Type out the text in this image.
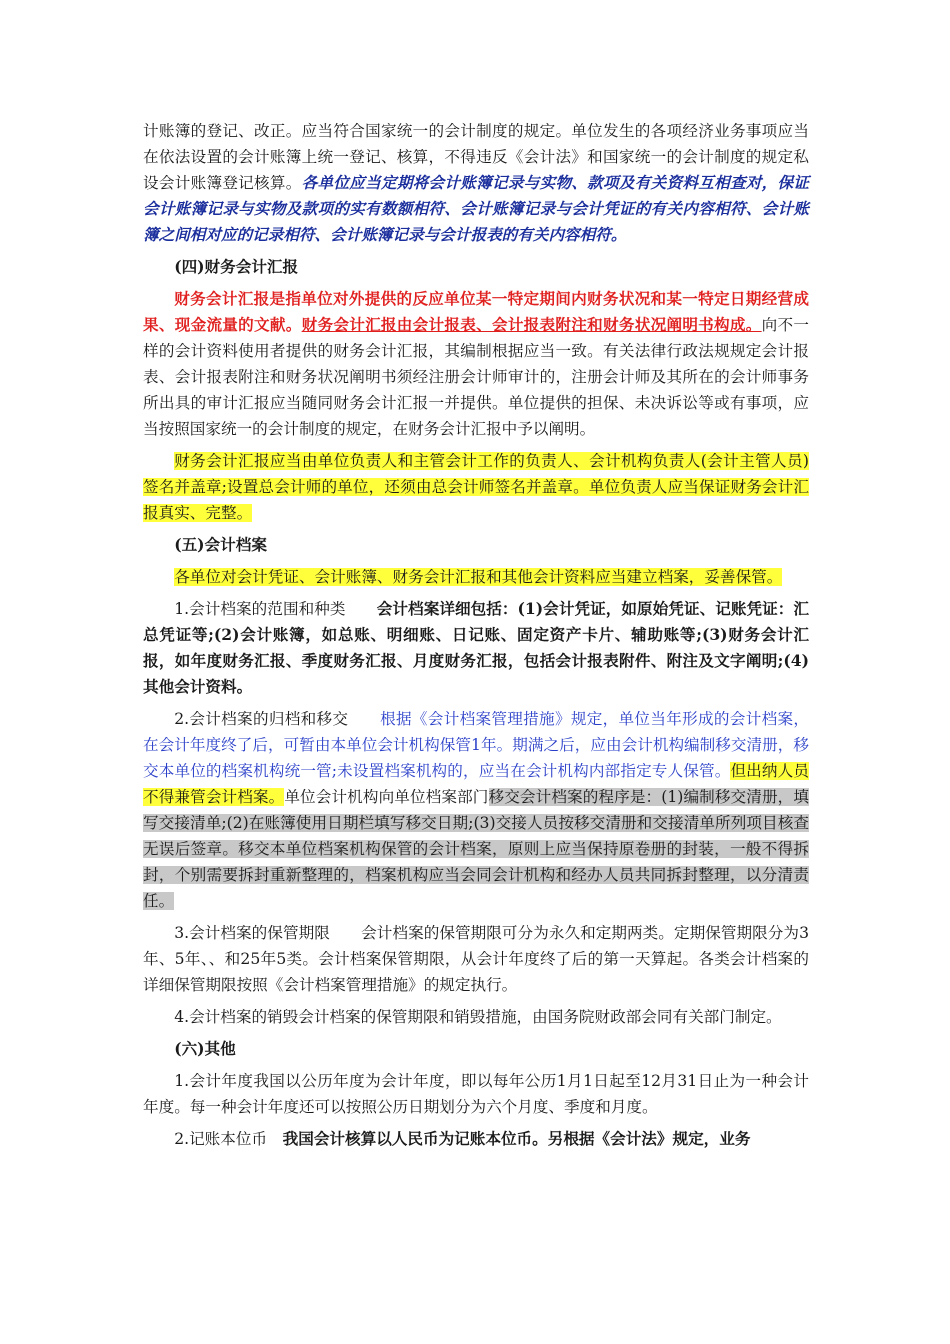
计账簿的登记、改正。应当符合国家统一的会计制度的规定。单位发生的各项经济业务事项应当在依法设置的会计账簿上统一登记、核算，不得违反《会计法》和国家统一的会计制度的规定私设会计账簿登记核算。各单位应当定期将会计账簿记录与实物、款项及有关资料互相查对，保证会计账簿记录与实物及款项的实有数额相符、会计账簿记录与会计凭证的有关内容相符、会计账簿之间相对应的记录相符、会计账簿记录与会计报表的有关内容相符。

(四)财务会计汇报

财务会计汇报是指单位对外提供的反应单位某一特定期间内财务状况和某一特定日期经营成果、现金流量的文献。财务会计汇报由会计报表、会计报表附注和财务状况阐明书构成。向不一样的会计资料使用者提供的财务会计汇报，其编制根据应当一致。有关法律行政法规规定会计报表、会计报表附注和财务状况阐明书须经注册会计师审计的，注册会计师及其所在的会计师事务所出具的审计汇报应当随同财务会计汇报一并提供。单位提供的担保、未决诉讼等或有事项，应当按照国家统一的会计制度的规定，在财务会计汇报中予以阐明。

财务会计汇报应当由单位负责人和主管会计工作的负责人、会计机构负责人(会计主管人员)签名并盖章;设置总会计师的单位，还须由总会计师签名并盖章。单位负责人应当保证财务会计汇报真实、完整。

(五)会计档案

各单位对会计凭证、会计账簿、财务会计汇报和其他会计资料应当建立档案，妥善保管。

1.会计档案的范围和种类　　会计档案详细包括：(1)会计凭证，如原始凭证、记账凭证：汇总凭证等;(2)会计账簿，如总账、明细账、日记账、固定资产卡片、辅助账等;(3)财务会计汇报，如年度财务汇报、季度财务汇报、月度财务汇报，包括会计报表附件、附注及文字阐明;(4)其他会计资料。

2.会计档案的归档和移交　　根据《会计档案管理措施》规定，单位当年形成的会计档案，在会计年度终了后，可暂由本单位会计机构保管1年。期满之后，应由会计机构编制移交清册，移交本单位的档案机构统一管;未设置档案机构的，应当在会计机构内部指定专人保管。但出纳人员不得兼管会计档案。单位会计机构向单位档案部门移交会计档案的程序是：(1)编制移交清册，填写交接清单;(2)在账簿使用日期栏填写移交日期;(3)交接人员按移交清册和交接清单所列项目核查无误后签章。移交本单位档案机构保管的会计档案，原则上应当保持原卷册的封装，一般不得拆封，个别需要拆封重新整理的，档案机构应当会同会计机构和经办人员共同拆封整理，以分清责任。

3.会计档案的保管期限　　会计档案的保管期限可分为永久和定期两类。定期保管期限分为3年、5年、、和25年5类。会计档案保管期限，从会计年度终了后的第一天算起。各类会计档案的详细保管期限按照《会计档案管理措施》的规定执行。

4.会计档案的销毁会计档案的保管期限和销毁措施，由国务院财政部会同有关部门制定。

(六)其他

1.会计年度我国以公历年度为会计年度，即以每年公历1月1日起至12月31日止为一种会计年度。每一种会计年度还可以按照公历日期划分为六个月度、季度和月度。

2.记账本位币　我国会计核算以人民币为记账本位币。另根据《会计法》规定，业务
